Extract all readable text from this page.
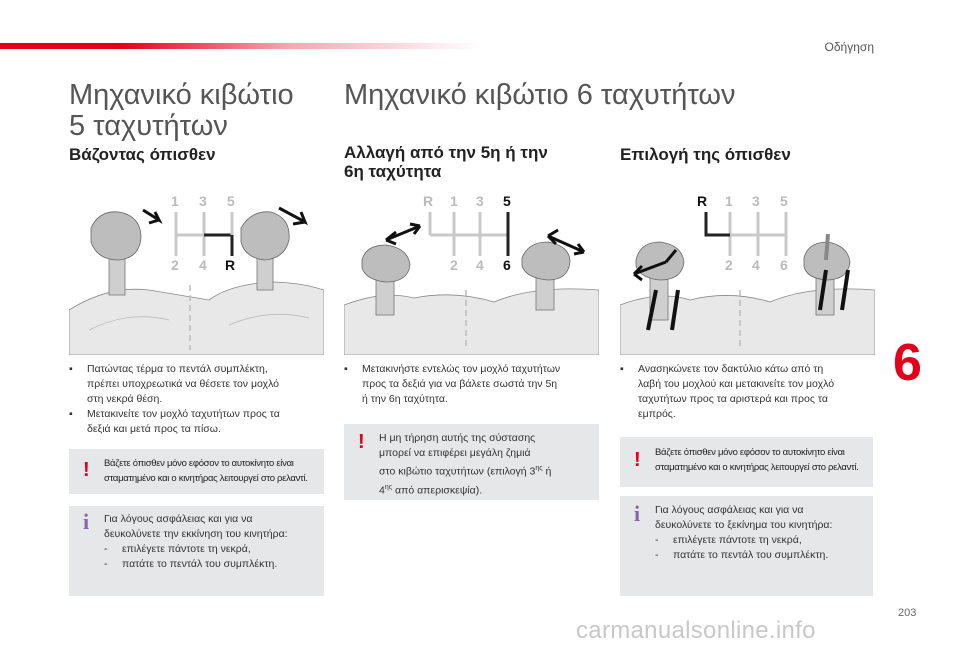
Οδήγηση
Μηχανικό κιβώτιο
5 ταχυτήτων
Βάζοντας όπισθεν
1 3 5
2 4 R
▪ Πατώντας τέρμα το πεντάλ συμπλέκτη,
πρέπει υποχρεωτικά να θέσετε τον μοχλό
στη νεκρά θέση.
▪ Μετακινείτε τον μοχλό ταχυτήτων προς τα
δεξιά και μετά προς τα πίσω.
! Βάζετε όπισθεν μόνο εφόσον το αυτοκίνητο είναι
σταματημένο και ο κινητήρας λειτουργεί στο ρελαντί.
i Για λόγους ασφάλειας και για να
δευκολύνετε την εκκίνηση του κινητήρα:
- επιλέγετε πάντοτε τη νεκρά,
- πατάτε το πεντάλ του συμπλέκτη.
Μηχανικό κιβώτιο 6 ταχυτήτων
Αλλαγή από την 5η ή την
6η ταχύτητα
R 1 3 5
2 4 6
▪ Μετακινήστε εντελώς τον μοχλό ταχυτήτων
προς τα δεξιά για να βάλετε σωστά την 5η
ή την 6η ταχύτητα.
! Η μη τήρηση αυτής της σύστασης
μπορεί να επιφέρει μεγάλη ζημιά
στο κιβώτιο ταχυτήτων (επιλογή $3^{\eta\varsigma}$ ή
$4^{\eta\varsigma}$ από απερισκεψία).
Επιλογή της όπισθεν
R 1 3 5
2 4 6
▪ Ανασηκώνετε τον δακτύλιο κάτω από τη
λαβή του μοχλού και μετακινείτε τον μοχλό
ταχυτήτων προς τα αριστερά και προς τα
εμπρός.
! Βάζετε όπισθεν μόνο εφόσον το αυτοκίνητο είναι
σταματημένο και ο κινητήρας λειτουργεί στο ρελαντί.
i Για λόγους ασφάλειας και για να
δευκολύνετε το ξεκίνημα του κινητήρα:
- επιλέγετε πάντοτε τη νεκρά,
- πατάτε το πεντάλ του συμπλέκτη.
6
203
carmanualsonline.info
